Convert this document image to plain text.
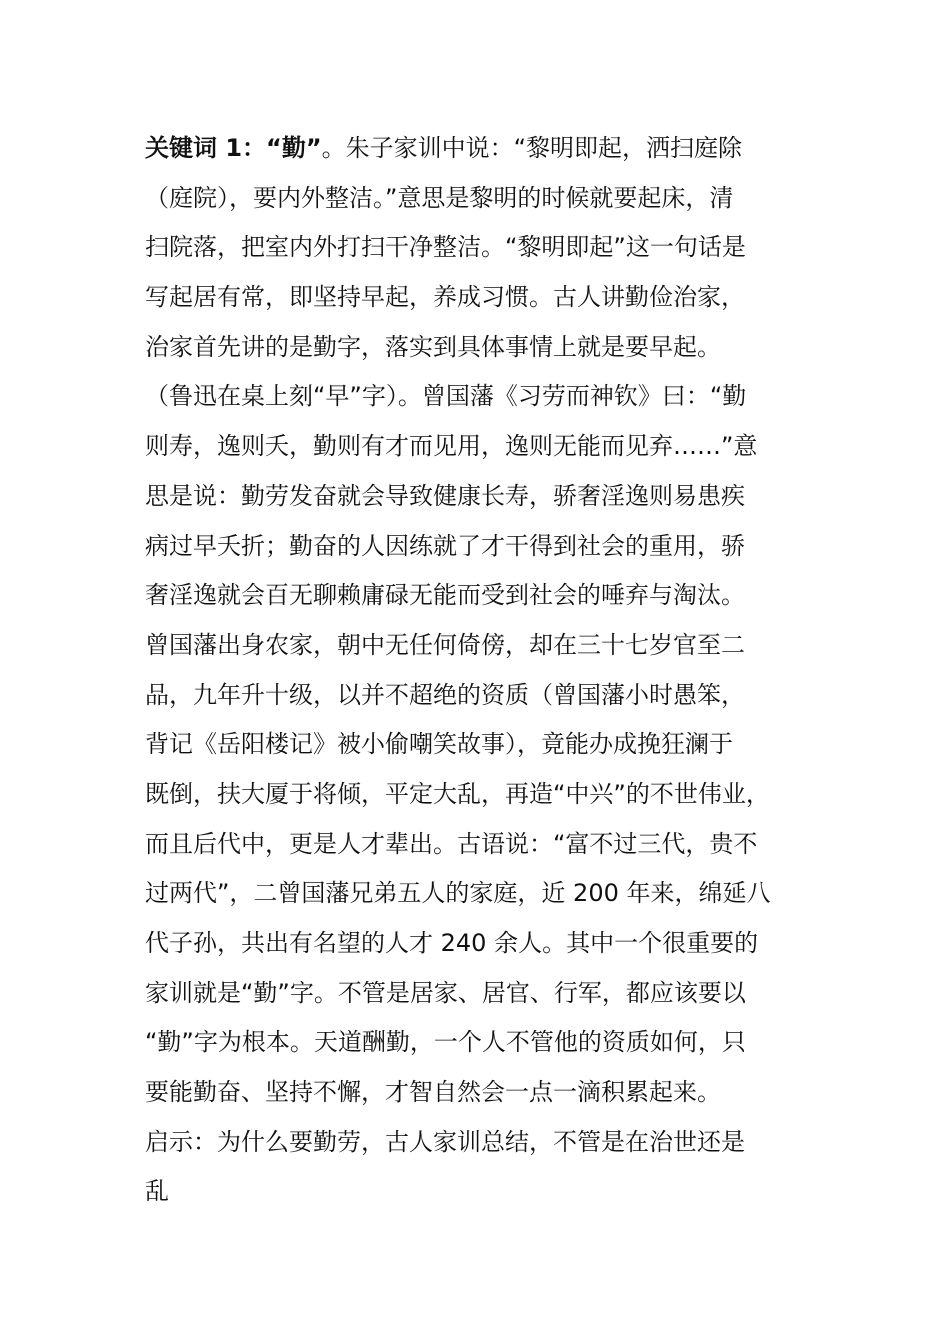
关键词 1：“勤”。朱子家训中说：“黎明即起，洒扫庭除
（庭院），要内外整洁。”意思是黎明的时候就要起床，清
扫院落，把室内外打扫干净整洁。“黎明即起”这一句话是
写起居有常，即坚持早起，养成习惯。古人讲勤俭治家，
治家首先讲的是勤字，落实到具体事情上就是要早起。
（鲁迅在桌上刻“早”字）。曾国藩《习劳而神钦》曰：“勤
则寿，逸则夭，勤则有才而见用，逸则无能而见弃……”意
思是说：勤劳发奋就会导致健康长寿，骄奢淫逸则易患疾
病过早夭折；勤奋的人因练就了才干得到社会的重用，骄
奢淫逸就会百无聊赖庸碌无能而受到社会的唾弃与淘汰。
曾国藩出身农家，朝中无任何倚傍，却在三十七岁官至二
品，九年升十级，以并不超绝的资质（曾国藩小时愚笨，
背记《岳阳楼记》被小偷嘲笑故事），竟能办成挽狂澜于
既倒，扶大厦于将倾，平定大乱，再造“中兴”的不世伟业，
而且后代中，更是人才辈出。古语说：“富不过三代，贵不
过两代”，二曾国藩兄弟五人的家庭，近 200 年来，绵延八
代子孙，共出有名望的人才 240 余人。其中一个很重要的
家训就是“勤”字。不管是居家、居官、行军，都应该要以
“勤”字为根本。天道酬勤，一个人不管他的资质如何，只
要能勤奋、坚持不懈，才智自然会一点一滴积累起来。
启示：为什么要勤劳，古人家训总结，不管是在治世还是
乱
